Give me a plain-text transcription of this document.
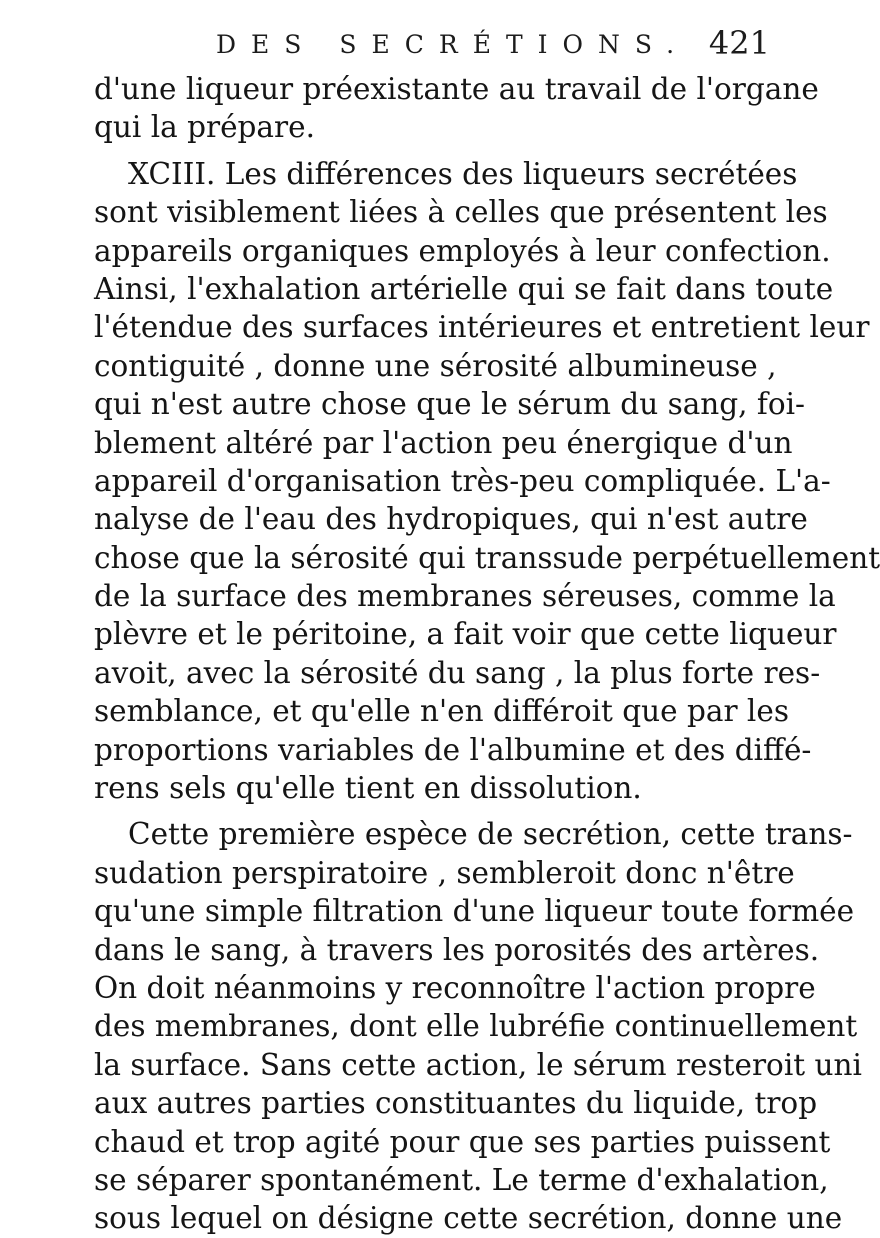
DES SECRÉTIONS. 421
d'une liqueur préexistante au travail de l'organe
qui la prépare.
XCIII. Les différences des liqueurs secrétées
sont visiblement liées à celles que présentent les
appareils organiques employés à leur confection.
Ainsi, l'exhalation artérielle qui se fait dans toute
l'étendue des surfaces intérieures et entretient leur
contiguité , donne une sérosité albumineuse ,
qui n'est autre chose que le sérum du sang, foi-
blement altéré par l'action peu énergique d'un
appareil d'organisation très-peu compliquée. L'a-
nalyse de l'eau des hydropiques, qui n'est autre
chose que la sérosité qui transsude perpétuellement
de la surface des membranes séreuses, comme la
plèvre et le péritoine, a fait voir que cette liqueur
avoit, avec la sérosité du sang , la plus forte res-
semblance, et qu'elle n'en différoit que par les
proportions variables de l'albumine et des diffé-
rens sels qu'elle tient en dissolution.
Cette première espèce de secrétion, cette trans-
sudation perspiratoire , sembleroit donc n'être
qu'une simple filtration d'une liqueur toute formée
dans le sang, à travers les porosités des artères.
On doit néanmoins y reconnoître l'action propre
des membranes, dont elle lubréfie continuellement
la surface. Sans cette action, le sérum resteroit uni
aux autres parties constituantes du liquide, trop
chaud et trop agité pour que ses parties puissent
se séparer spontanément. Le terme d'exhalation,
sous lequel on désigne cette secrétion, donne une
